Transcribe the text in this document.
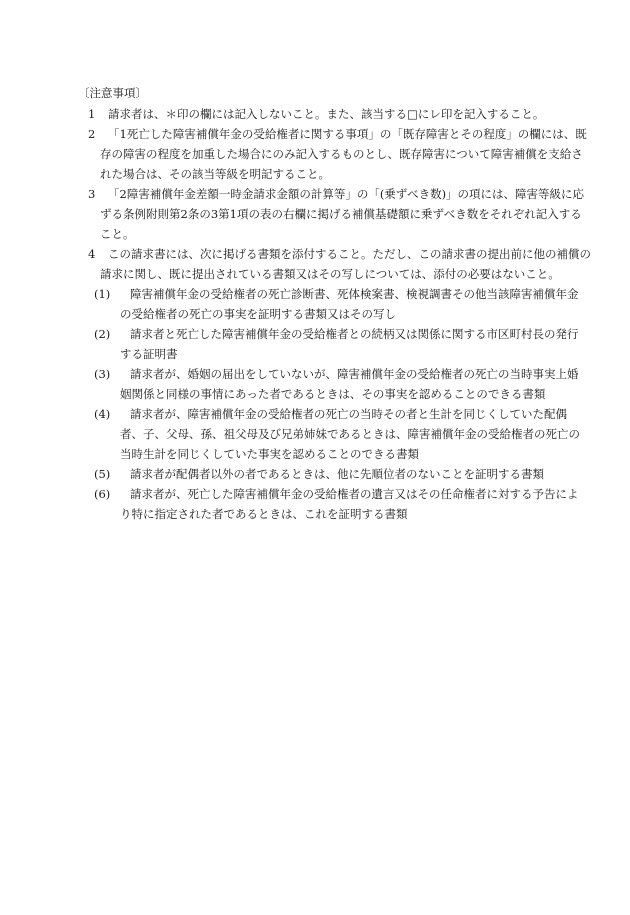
〔注意事項〕
1	請求者は、＊印の欄には記入しないこと。また、該当する□にレ印を記入すること。
2	「1死亡した障害補償年金の受給権者に関する事項」の「既存障害とその程度」の欄には、既存の障害の程度を加重した場合にのみ記入するものとし、既存障害について障害補償を支給された場合は、その該当等級を明記すること。
3	「2障害補償年金差額一時金請求金額の計算等」の「(乗ずべき数)」の項には、障害等級に応ずる条例附則第2条の3第1項の表の右欄に掲げる補償基礎額に乗ずべき数をそれぞれ記入すること。
4	この請求書には、次に掲げる書類を添付すること。ただし、この請求書の提出前に他の補償の請求に関し、既に提出されている書類又はその写しについては、添付の必要はないこと。
(1)	障害補償年金の受給権者の死亡診断書、死体検案書、検視調書その他当該障害補償年金の受給権者の死亡の事実を証明する書類又はその写し
(2)	請求者と死亡した障害補償年金の受給権者との続柄又は関係に関する市区町村長の発行する証明書
(3)	請求者が、婚姻の届出をしていないが、障害補償年金の受給権者の死亡の当時事実上婚姻関係と同様の事情にあった者であるときは、その事実を認めることのできる書類
(4)	請求者が、障害補償年金の受給権者の死亡の当時その者と生計を同じくしていた配偶者、子、父母、孫、祖父母及び兄弟姉妹であるときは、障害補償年金の受給権者の死亡の当時生計を同じくしていた事実を認めることのできる書類
(5)	請求者が配偶者以外の者であるときは、他に先順位者のないことを証明する書類
(6)	請求者が、死亡した障害補償年金の受給権者の遺言又はその任命権者に対する予告により特に指定された者であるときは、これを証明する書類
